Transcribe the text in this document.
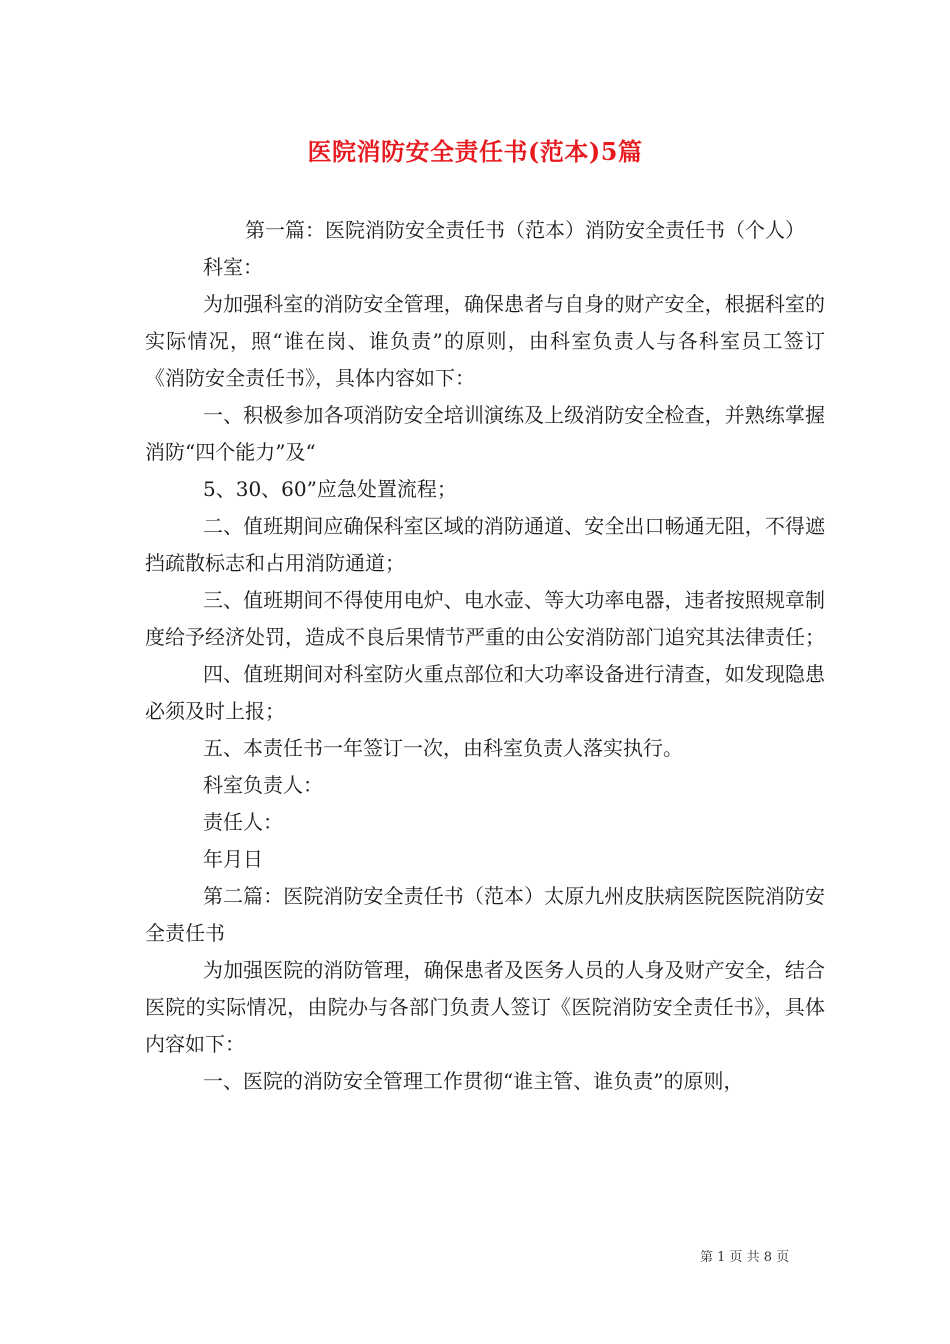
医院消防安全责任书(范本)5篇

第一篇：医院消防安全责任书（范本）消防安全责任书（个人）

科室：

为加强科室的消防安全管理，确保患者与自身的财产安全，根据科室的实际情况，照“谁在岗、谁负责”的原则，由科室负责人与各科室员工签订《消防安全责任书》，具体内容如下：

一、积极参加各项消防安全培训演练及上级消防安全检查，并熟练掌握消防“四个能力”及“

5、30、60”应急处置流程；

二、值班期间应确保科室区域的消防通道、安全出口畅通无阻，不得遮挡疏散标志和占用消防通道；

三、值班期间不得使用电炉、电水壶、等大功率电器，违者按照规章制度给予经济处罚，造成不良后果情节严重的由公安消防部门追究其法律责任；

四、值班期间对科室防火重点部位和大功率设备进行清查，如发现隐患必须及时上报；

五、本责任书一年签订一次，由科室负责人落实执行。

科室负责人：

责任人：

年月日

第二篇：医院消防安全责任书（范本）太原九州皮肤病医院医院消防安全责任书

为加强医院的消防管理，确保患者及医务人员的人身及财产安全，结合医院的实际情况，由院办与各部门负责人签订《医院消防安全责任书》，具体内容如下：

一、医院的消防安全管理工作贯彻“谁主管、谁负责”的原则，

第 1 页 共 8 页
